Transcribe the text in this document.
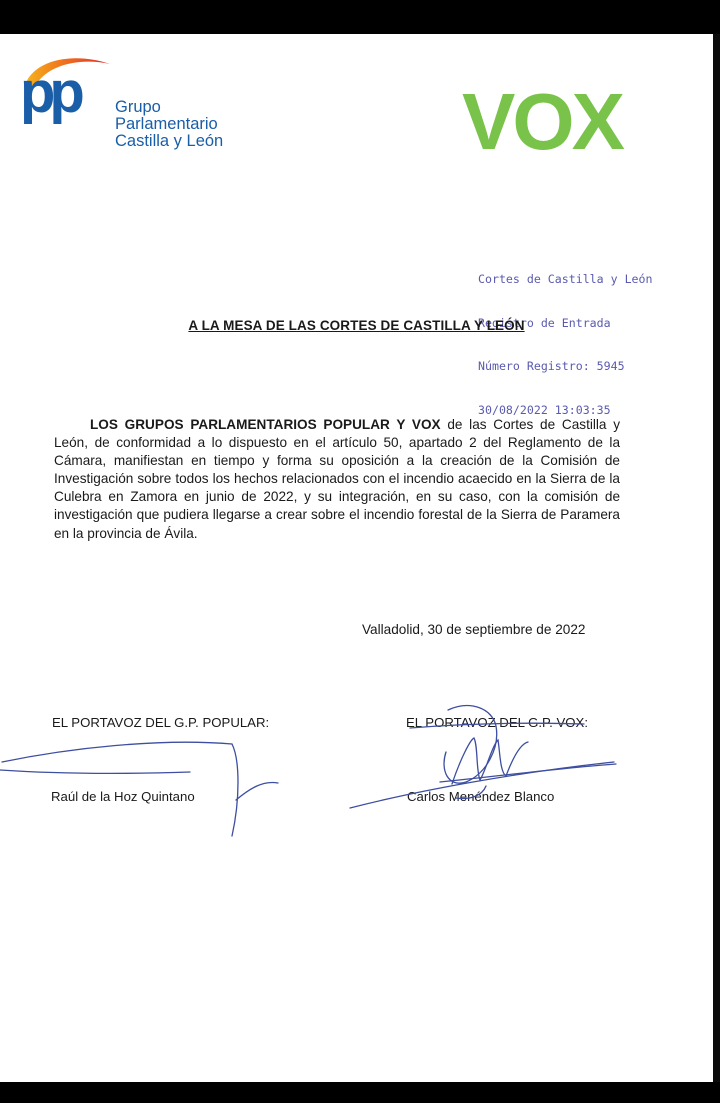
pp Grupo
Parlamentario
Castilla y León	VOX

Cortes de Castilla y León

Registro de Entrada

Número Registro: 5945

30/08/2022 13:03:35

A LA MESA DE LAS CORTES DE CASTILLA Y LEÓN
LOS GRUPOS PARLAMENTARIOS POPULAR Y VOX de las Cortes de Castilla y León, de conformidad a lo dispuesto en el artículo 50, apartado 2 del Reglamento de la Cámara, manifiestan en tiempo y forma su oposición a la creación de la Comisión de Investigación sobre todos los hechos relacionados con el incendio acaecido en la Sierra de la Culebra en Zamora en junio de 2022, y su integración, en su caso, con la comisión de investigación que pudiera llegarse a crear sobre el incendio forestal de la Sierra de Paramera en la provincia de Ávila.
Valladolid, 30 de septiembre de 2022
EL PORTAVOZ DEL G.P. POPULAR:	EL PORTAVOZ DEL G.P. VOX:
Raúl de la Hoz Quintano	Carlos Menéndez Blanco
